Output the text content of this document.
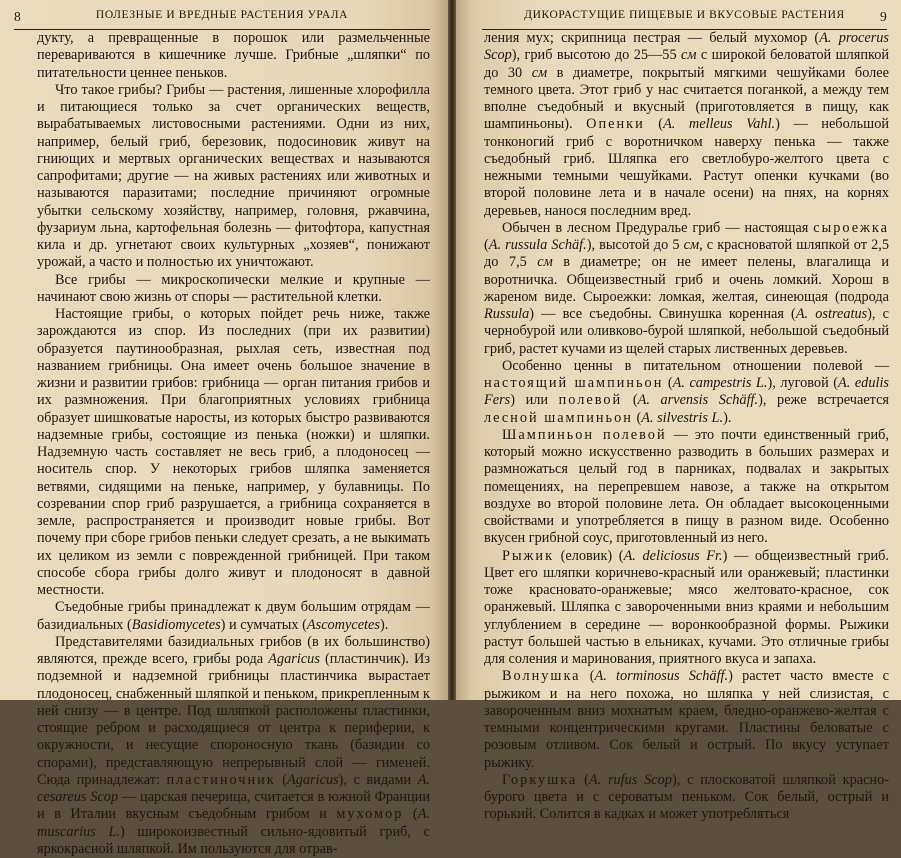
8	ПОЛЕЗНЫЕ И ВРЕДНЫЕ РАСТЕНИЯ УРАЛА

дукту, а превращенные в порошок или размельченные перевариваются в кишечнике лучше. Грибные „шляпки“ по питательности ценнее пеньков.

Что такое грибы? Грибы — растения, лишенные хлорофилла и питающиеся только за счет органических веществ, вырабатываемых листовосными растениями. Одни из них, например, белый гриб, березовик, подосиновик живут на гниющих и мертвых органических веществах и называются сапрофитами; другие — на живых растениях или животных и называются паразитами; последние причиняют огромные убытки сельскому хозяйству, например, головня, ржавчина, фузариум льна, картофельная болезнь — фитофтора, капустная кила и др. угнетают своих культурных „хозяев“, понижают урожай, а часто и полностью их уничтожают.

Все грибы — микроскопически мелкие и крупные — начинают свою жизнь от споры — растительной клетки.

Настоящие грибы, о которых пойдет речь ниже, также зарождаются из спор. Из последних (при их развитии) образуется паутинообразная, рыхлая сеть, известная под названием грибницы. Она имеет очень большое значение в жизни и развитии грибов: грибница — орган питания грибов и их размножения. При благоприятных условиях грибница образует шишковатые наросты, из которых быстро развиваются надземные грибы, состоящие из пенька (ножки) и шляпки. Надземную часть составляет не весь гриб, а плодоносец — носитель спор. У некоторых грибов шляпка заменяется ветвями, сидящими на пеньке, например, у булавницы. По созревании спор гриб разрушается, а грибница сохраняется в земле, распространяется и производит новые грибы. Вот почему при сборе грибов пеньки следует срезать, а не выкимать их целиком из земли с поврежденной грибницей. При таком способе сбора грибы долго живут и плодоносят в давной местности.

Съедобные грибы принадлежат к двум большим отрядам — базидиальных (Basidiomycetes) и сумчатых (Ascomycetes).

Представителями базидиальных грибов (в их большинство) являются, прежде всего, грибы рода Agaricus (пластинчик). Из подземной и надземной грибницы пластинчика вырастает плодоносец, снабженный шляпкой и пеньком, прикрепленным к ней снизу — в центре. Под шляпкой расположены пластинки, стоящие ребром и расходящиеся от центра к периферии, к окружности, и несущие спороносную ткань (базидии со спорами), представляющую непрерывный слой — гименей. Сюда принадлежат: пластиночник (Agaricus), с видами A. cesareus Scop — царская печерица, считается в южной Франции и в Италии вкусным съедобным грибом и мухомор (A. muscarius L.) широкоизвестный сильно-ядовитый гриб, с яркокрасной шляпкой. Им пользуются для отрав-

ДИКОРАСТУЩИЕ ПИЩЕВЫЕ И ВКУСОВЫЕ РАСТЕНИЯ	9

ления мух; скрипница пестрая — белый мухомор (A. procerus Scop), гриб высотою до 25—55 см с широкой беловатой шляпкой до 30 см в диаметре, покрытый мягкими чешуйками более темного цвета. Этот гриб у нас считается поганкой, а между тем вполне съедобный и вкусный (приготовляется в пищу, как шампиньоны). Опенки (A. melleus Vahl.) — небольшой тонконогий гриб с воротничком наверху пенька — также съедобный гриб. Шляпка его светлобуро-желтого цвета с нежными темными чешуйками. Растут опенки кучками (во второй половине лета и в начале осени) на пнях, на корнях деревьев, нанося последним вред.

Обычен в лесном Предуралье гриб — настоящая сыроежка (A. russula Schäf.), высотой до 5 см, с красноватой шляпкой от 2,5 до 7,5 см в диаметре; он не имеет пелены, влагалища и воротничка. Общеизвестный гриб и очень ломкий. Хорош в жареном виде. Сыроежки: ломкая, желтая, синеющая (подрода Russula) — все съедобны. Свинушка коренная (A. ostreatus), с чернобурой или оливково-бурой шляпкой, небольшой съедобный гриб, растет кучами из щелей старых лиственных деревьев.

Особенно ценны в питательном отношении полевой — настоящий шампиньон (A. campestris L.), луговой (A. edulis Fers) или полевой (A. arvensis Schäff.), реже встречается лесной шампиньон (A. silvestris L.).

Шампиньон полевой — это почти единственный гриб, который можно искусственно разводить в больших размерах и размножаться целый год в парниках, подвалах и закрытых помещениях, на перепревшем навозе, а также на открытом воздухе во второй половине лета. Он обладает высокоценными свойствами и употребляется в пищу в разном виде. Особенно вкусен грибной соус, приготовленный из него.

Рыжик (еловик) (A. deliciosus Fr.) — общеизвестный гриб. Цвет его шляпки коричнево-красный или оранжевый; пластинки тоже красновато-оранжевые; мясо желтовато-красное, сок оранжевый. Шляпка с завороченными вниз краями и небольшим углублением в середине — воронкообразной формы. Рыжики растут большей частью в ельниках, кучами. Это отличные грибы для соления и маринования, приятного вкуса и запаха.

Волнушка (A. torminosus Schäff.) растет часто вместе с рыжиком и на него похожа, но шляпка у ней слизистая, с завороченным вниз мохнатым краем, бледно-оранжево-желтая с темными концентрическими кругами. Пластины беловатые с розовым отливом. Сок белый и острый. По вкусу уступает рыжику.

Горкушка (A. rufus Scop), с плосковатой шляпкой красно-бурого цвета и с сероватым пеньком. Сок белый, острый и горький. Солится в кадках и может употребляться
